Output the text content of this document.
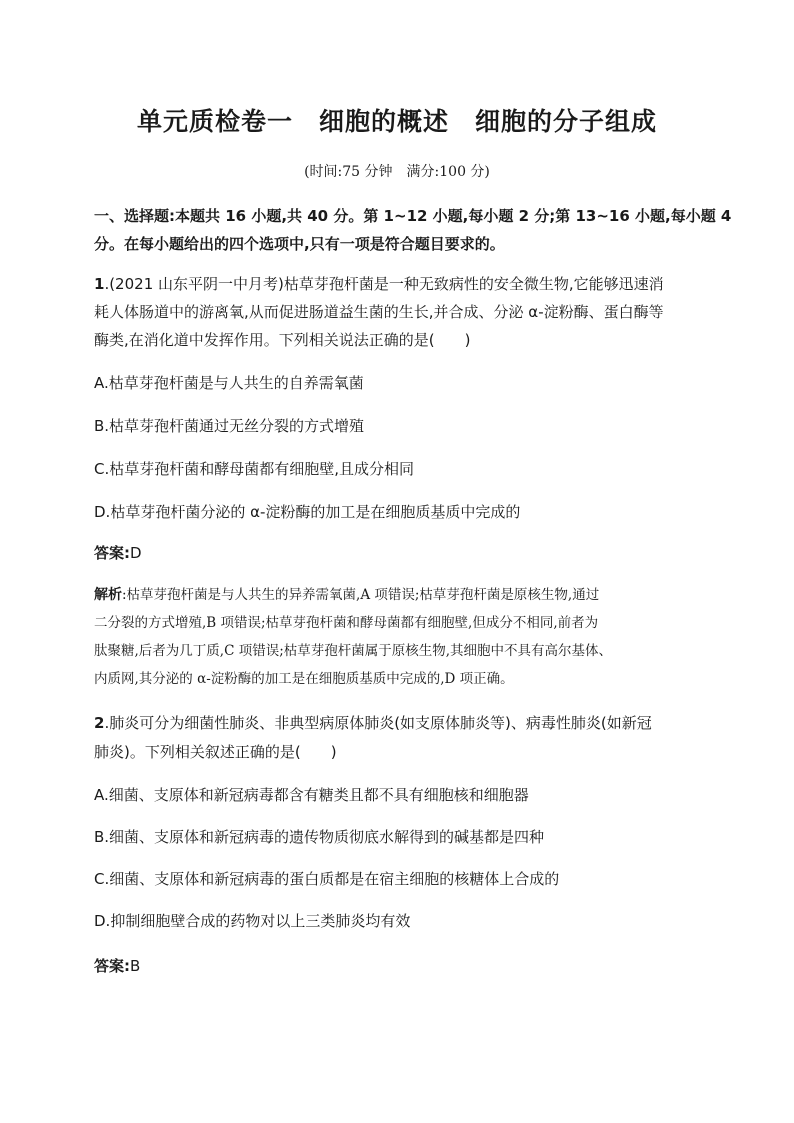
单元质检卷一　细胞的概述　细胞的分子组成
(时间:75 分钟　满分:100 分)
一、选择题:本题共 16 小题,共 40 分。第 1~12 小题,每小题 2 分;第 13~16 小题,每小题 4
分。在每小题给出的四个选项中,只有一项是符合题目要求的。
1.(2021 山东平阴一中月考)枯草芽孢杆菌是一种无致病性的安全微生物,它能够迅速消
耗人体肠道中的游离氧,从而促进肠道益生菌的生长,并合成、分泌 α-淀粉酶、蛋白酶等
酶类,在消化道中发挥作用。下列相关说法正确的是(　　)
A.枯草芽孢杆菌是与人共生的自养需氧菌
B.枯草芽孢杆菌通过无丝分裂的方式增殖
C.枯草芽孢杆菌和酵母菌都有细胞壁,且成分相同
D.枯草芽孢杆菌分泌的 α-淀粉酶的加工是在细胞质基质中完成的
答案:D
解析:枯草芽孢杆菌是与人共生的异养需氧菌,A 项错误;枯草芽孢杆菌是原核生物,通过
二分裂的方式增殖,B 项错误;枯草芽孢杆菌和酵母菌都有细胞壁,但成分不相同,前者为
肽聚糖,后者为几丁质,C 项错误;枯草芽孢杆菌属于原核生物,其细胞中不具有高尔基体、
内质网,其分泌的 α-淀粉酶的加工是在细胞质基质中完成的,D 项正确。
2.肺炎可分为细菌性肺炎、非典型病原体肺炎(如支原体肺炎等)、病毒性肺炎(如新冠
肺炎)。下列相关叙述正确的是(　　)
A.细菌、支原体和新冠病毒都含有糖类且都不具有细胞核和细胞器
B.细菌、支原体和新冠病毒的遗传物质彻底水解得到的碱基都是四种
C.细菌、支原体和新冠病毒的蛋白质都是在宿主细胞的核糖体上合成的
D.抑制细胞壁合成的药物对以上三类肺炎均有效
答案:B
